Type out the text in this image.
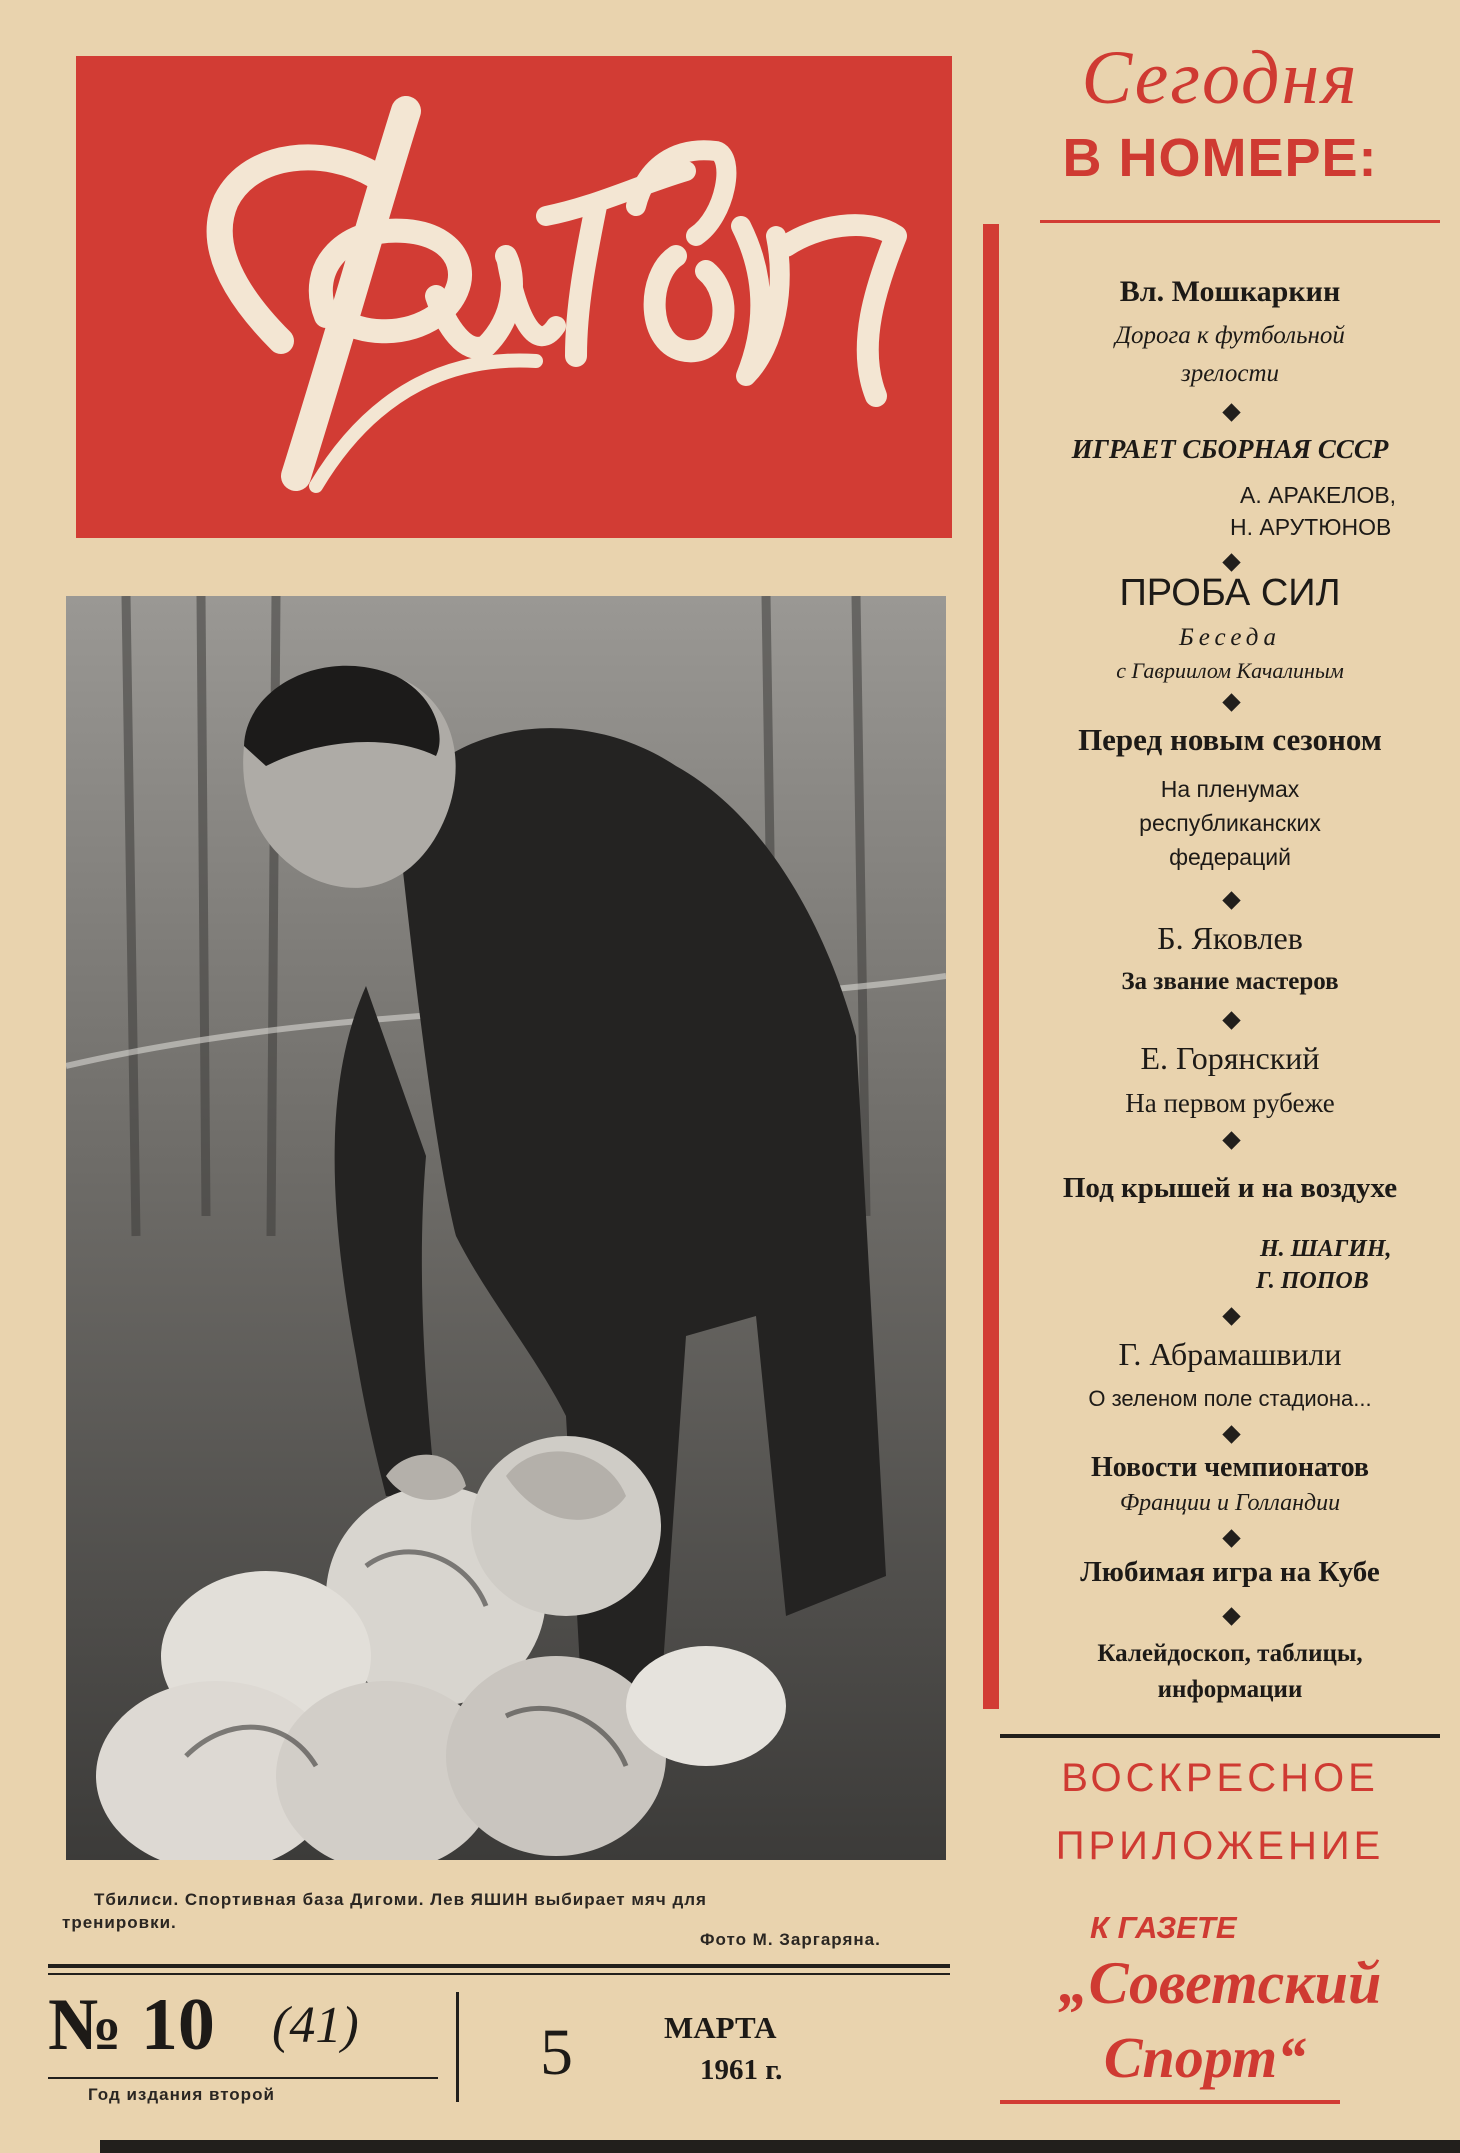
Тбилиси. Спортивная база Дигоми. Лев ЯШИН выбирает мяч для
тренировки.
Фото М. Заргаряна.
№ 10 (41)
Год издания второй
5	МАРТА
1961 г.
Сегодня
В НОМЕРЕ:
Вл. Мошкаркин
Дорога к футбольной
зрелости
ИГРАЕТ СБОРНАЯ СССР
А. АРАКЕЛОВ,
Н. АРУТЮНОВ
ПРОБА СИЛ
Беседа
с Гавриилом Качалиным
Перед новым сезоном
На пленумах
республиканских
федераций
Б. Яковлев
За звание мастеров
Е. Горянский
На первом рубеже
Под крышей и на воздухе
Н. ШАГИН,
Г. ПОПОВ
Г. Абрамашвили
О зеленом поле стадиона...
Новости чемпионатов
Франции и Голландии
Любимая игра на Кубе
Калейдоскоп, таблицы,
информации
ВОСКРЕСНОЕ
ПРИЛОЖЕНИЕ
К ГАЗЕТЕ
„Советский
Спорт“
